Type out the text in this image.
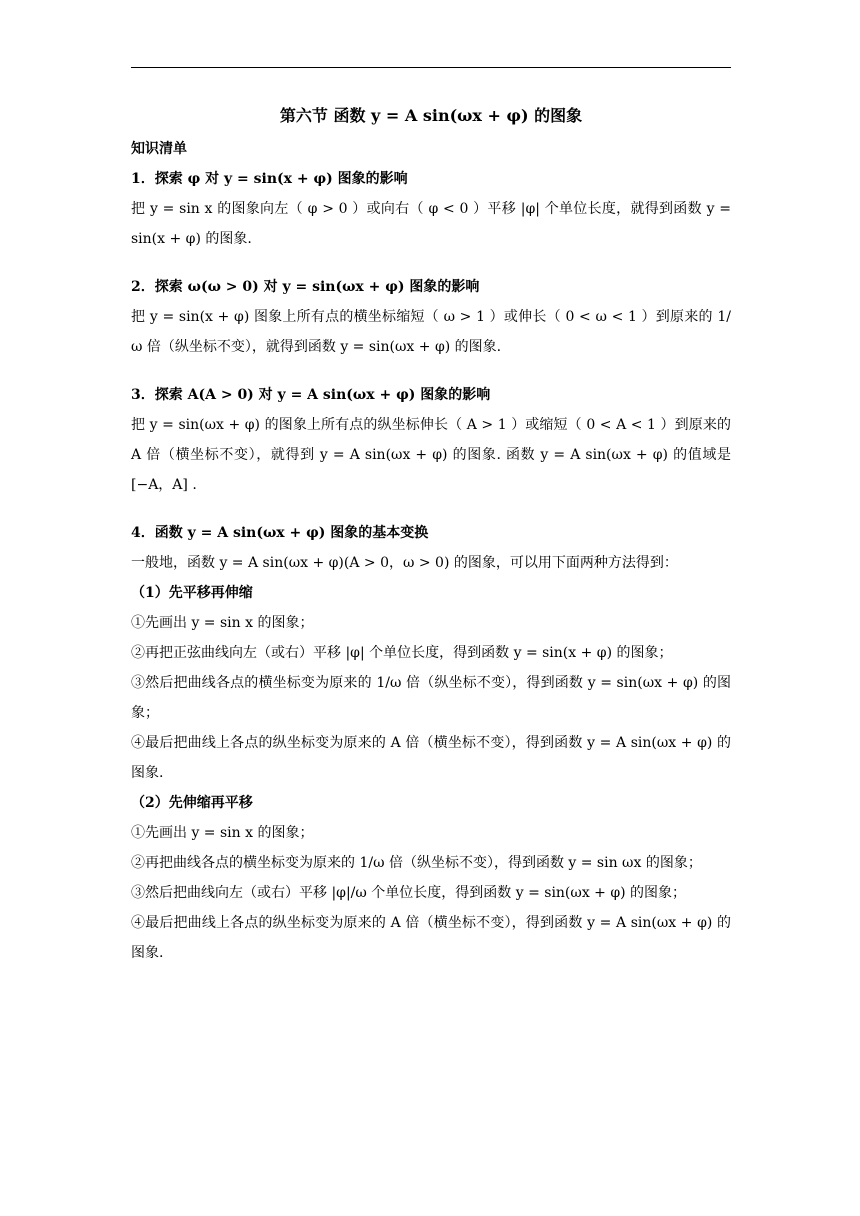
第六节 函数 y = A sin(ωx + φ) 的图象
知识清单
1．探索 φ 对 y = sin(x + φ) 图象的影响
把 y = sin x 的图象向左（ φ > 0 ）或向右（ φ < 0 ）平移 |φ| 个单位长度，就得到函数 y = sin(x + φ) 的图象.
2．探索 ω(ω > 0) 对 y = sin(ωx + φ) 图象的影响
把 y = sin(x + φ) 图象上所有点的横坐标缩短（ ω > 1 ）或伸长（ 0 < ω < 1 ）到原来的 1/ω 倍（纵坐标不变），就得到函数 y = sin(ωx + φ) 的图象.
3．探索 A(A > 0) 对 y = A sin(ωx + φ) 图象的影响
把 y = sin(ωx + φ) 的图象上所有点的纵坐标伸长（ A > 1 ）或缩短（ 0 < A < 1 ）到原来的 A 倍（横坐标不变），就得到 y = A sin(ωx + φ) 的图象. 函数 y = A sin(ωx + φ) 的值域是 [−A，A] .
4．函数 y = A sin(ωx + φ) 图象的基本变换
一般地，函数 y = A sin(ωx + φ)(A > 0，ω > 0) 的图象，可以用下面两种方法得到：
（1）先平移再伸缩
①先画出 y = sin x 的图象；
②再把正弦曲线向左（或右）平移 |φ| 个单位长度，得到函数 y = sin(x + φ) 的图象；
③然后把曲线各点的横坐标变为原来的 1/ω 倍（纵坐标不变），得到函数 y = sin(ωx + φ) 的图象；
④最后把曲线上各点的纵坐标变为原来的 A 倍（横坐标不变），得到函数 y = A sin(ωx + φ) 的图象.
（2）先伸缩再平移
①先画出 y = sin x 的图象；
②再把曲线各点的横坐标变为原来的 1/ω 倍（纵坐标不变），得到函数 y = sin ωx 的图象；
③然后把曲线向左（或右）平移 |φ|/ω 个单位长度，得到函数 y = sin(ωx + φ) 的图象；
④最后把曲线上各点的纵坐标变为原来的 A 倍（横坐标不变），得到函数 y = A sin(ωx + φ) 的图象.
